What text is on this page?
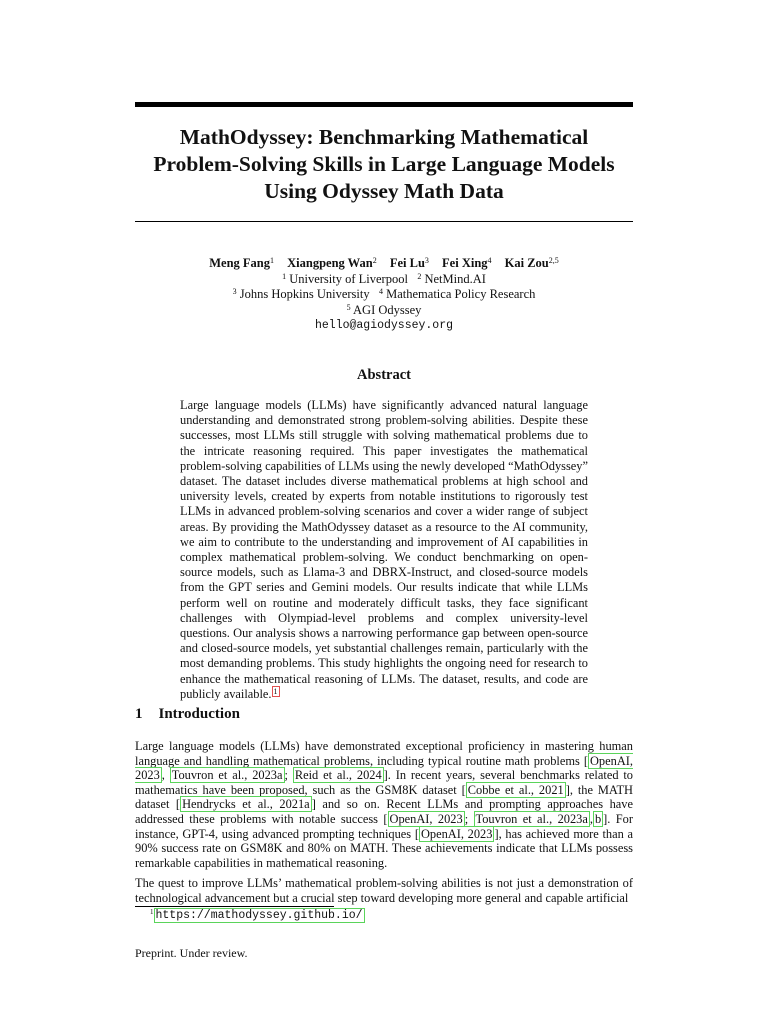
MathOdyssey: Benchmarking Mathematical
Problem-Solving Skills in Large Language Models
Using Odyssey Math Data
Meng Fang$^1$ Xiangpeng Wan$^2$ Fei Lu$^3$ Fei Xing$^4$ Kai Zou$^{2,5}$
$^1$ University of Liverpool $^2$ NetMind.AI
$^3$ Johns Hopkins University $^4$ Mathematica Policy Research
$^5$ AGI Odyssey
hello@agiodyssey.org
Abstract
Large language models (LLMs) have significantly advanced natural language understanding and demonstrated strong problem-solving abilities. Despite these successes, most LLMs still struggle with solving mathematical problems due to the intricate reasoning required. This paper investigates the mathematical problem-solving capabilities of LLMs using the newly developed “MathOdyssey” dataset. The dataset includes diverse mathematical problems at high school and university levels, created by experts from notable institutions to rigorously test LLMs in advanced problem-solving scenarios and cover a wider range of subject areas. By providing the MathOdyssey dataset as a resource to the AI community, we aim to contribute to the understanding and improvement of AI capabilities in complex mathematical problem-solving. We conduct benchmarking on open-source models, such as Llama-3 and DBRX-Instruct, and closed-source models from the GPT series and Gemini models. Our results indicate that while LLMs perform well on routine and moderately difficult tasks, they face significant challenges with Olympiad-level problems and complex university-level questions. Our analysis shows a narrowing performance gap between open-source and closed-source models, yet substantial challenges remain, particularly with the most demanding problems. This study highlights the ongoing need for research to enhance the mathematical reasoning of LLMs. The dataset, results, and code are publicly available. $^1$
1 Introduction

Large language models (LLMs) have demonstrated exceptional proficiency in mastering human language and handling mathematical problems, including typical routine math problems [ OpenAI, 2023 , Touvron et al., 2023a ; Reid et al., 2024 ]. In recent years, several benchmarks related to mathematics have been proposed, such as the GSM8K dataset [ Cobbe et al., 2021 ], the MATH dataset [ Hendrycks et al., 2021a ] and so on. Recent LLMs and prompting approaches have addressed these problems with notable success [ OpenAI, 2023 ; Touvron et al., 2023a , b ]. For instance, GPT-4, using advanced prompting techniques [ OpenAI, 2023 ], has achieved more than a 90% success rate on GSM8K and 80% on MATH. These achievements indicate that LLMs possess remarkable capabilities in mathematical reasoning.

The quest to improve LLMs’ mathematical problem-solving abilities is not just a demonstration of technological advancement but a crucial step toward developing more general and capable artificial

$^1$ https://mathodyssey.github.io/
Preprint. Under review.
